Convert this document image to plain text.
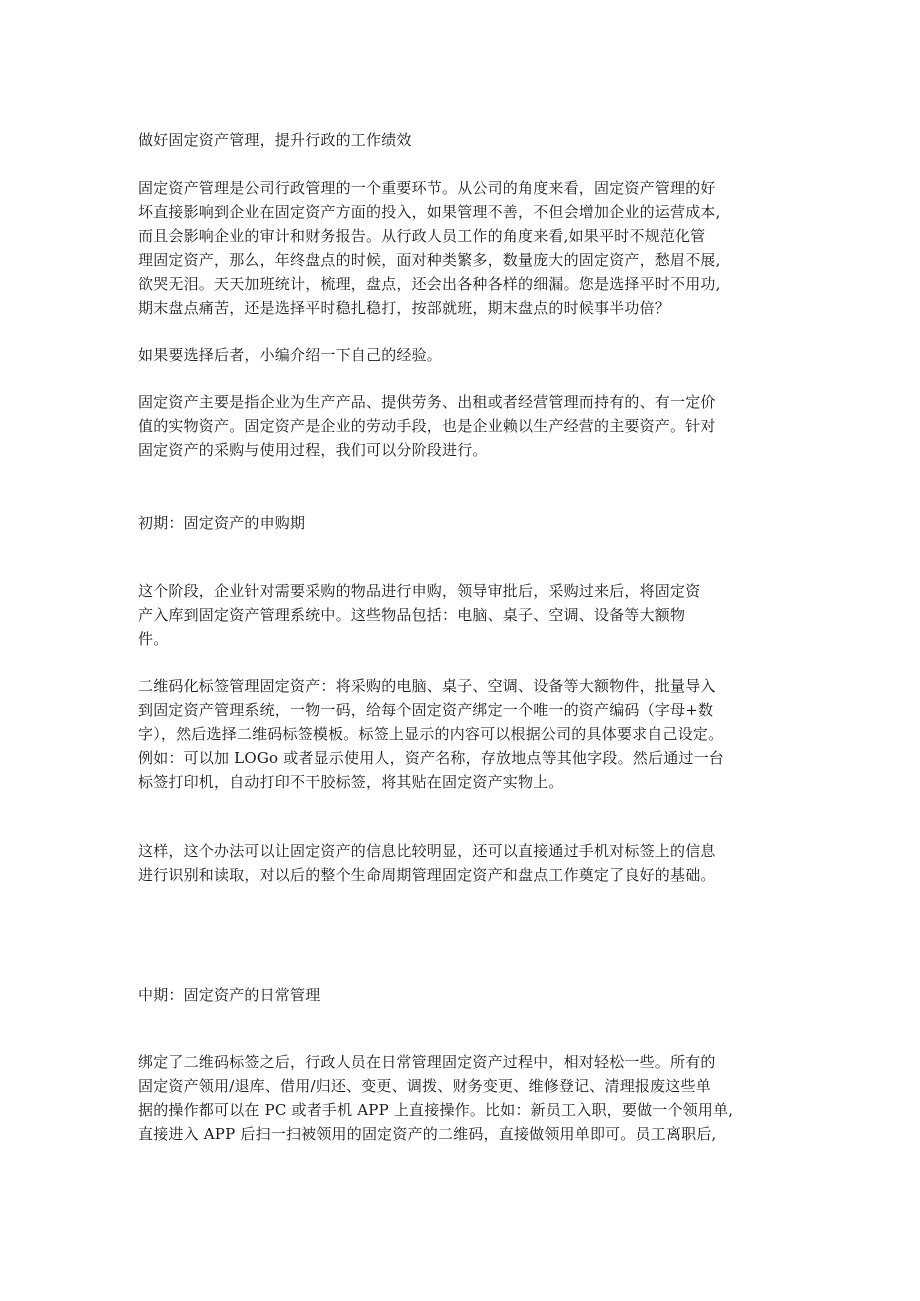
做好固定资产管理，提升行政的工作绩效
固定资产管理是公司行政管理的一个重要环节。从公司的角度来看，固定资产管理的好
坏直接影响到企业在固定资产方面的投入，如果管理不善，不但会增加企业的运营成本,
而且会影响企业的审计和财务报告。从行政人员工作的角度来看,如果平时不规范化管
理固定资产，那么，年终盘点的时候，面对种类繁多，数量庞大的固定资产，愁眉不展,
欲哭无泪。天天加班统计，梳理，盘点，还会出各种各样的细漏。您是选择平时不用功,
期末盘点痛苦，还是选择平时稳扎稳打，按部就班，期末盘点的时候事半功倍？
如果要选择后者，小编介绍一下自己的经验。
固定资产主要是指企业为生产产品、提供劳务、出租或者经营管理而持有的、有一定价
值的实物资产。固定资产是企业的劳动手段，也是企业赖以生产经营的主要资产。针对
固定资产的采购与使用过程，我们可以分阶段进行。
初期：固定资产的申购期
这个阶段，企业针对需要采购的物品进行申购，领导审批后，采购过来后，将固定资
产入库到固定资产管理系统中。这些物品包括：电脑、桌子、空调、设备等大额物
件。
二维码化标签管理固定资产：将采购的电脑、桌子、空调、设备等大额物件，批量导入
到固定资产管理系统，一物一码，给每个固定资产绑定一个唯一的资产编码（字母+数
字），然后选择二维码标签模板。标签上显示的内容可以根据公司的具体要求自己设定。
例如：可以加 LOGo 或者显示使用人，资产名称，存放地点等其他字段。然后通过一台
标签打印机，自动打印不干胶标签，将其贴在固定资产实物上。
这样，这个办法可以让固定资产的信息比较明显，还可以直接通过手机对标签上的信息
进行识别和读取，对以后的整个生命周期管理固定资产和盘点工作奠定了良好的基础。
中期：固定资产的日常管理
绑定了二维码标签之后，行政人员在日常管理固定资产过程中，相对轻松一些。所有的
固定资产领用/退库、借用/归还、变更、调拨、财务变更、维修登记、清理报废这些单
据的操作都可以在 PC 或者手机 APP 上直接操作。比如：新员工入职，要做一个领用单,
直接进入 APP 后扫一扫被领用的固定资产的二维码，直接做领用单即可。员工离职后,
